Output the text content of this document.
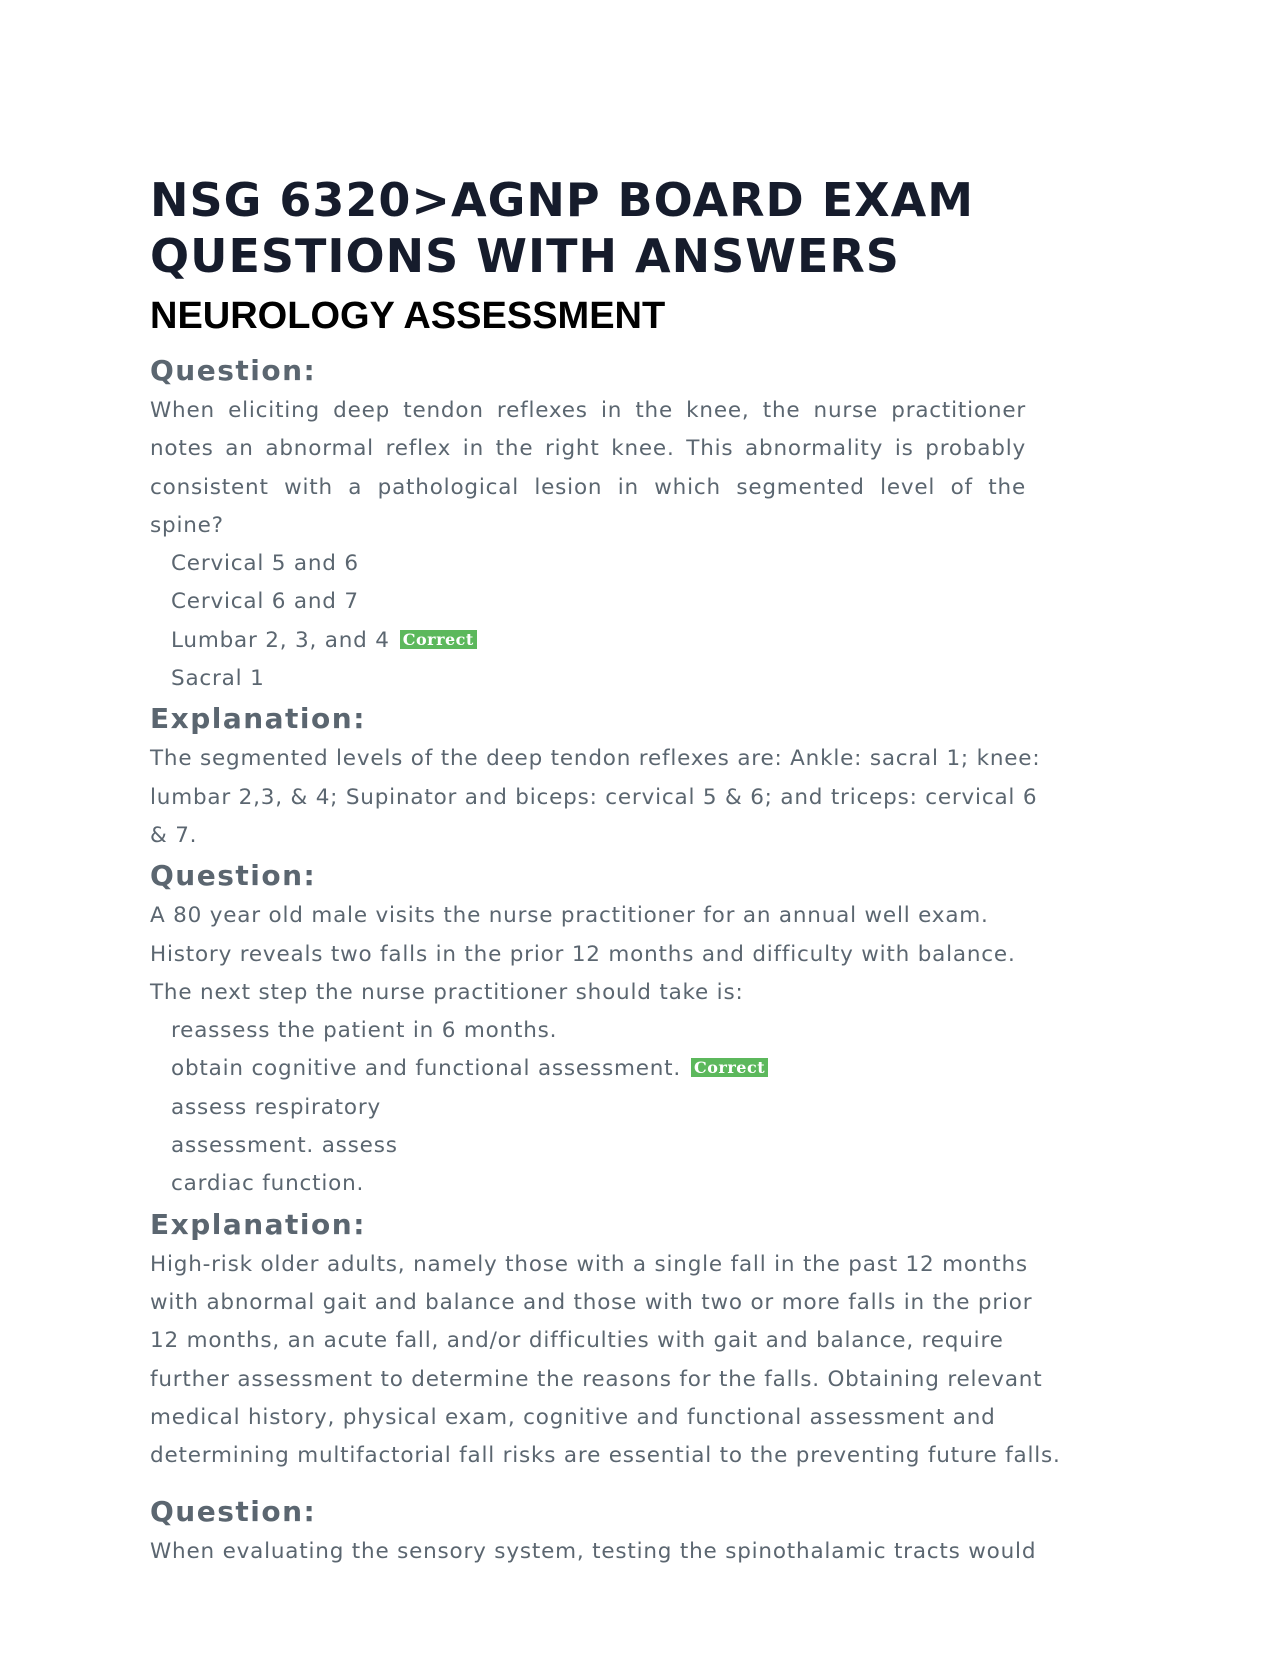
NSG 6320>AGNP BOARD EXAM QUESTIONS WITH ANSWERS NEUROLOGY ASSESSMENT
Question:

When eliciting deep tendon reflexes in the knee, the nurse practitioner notes an abnormal reflex in the right knee. This abnormality is probably consistent with a pathological lesion in which segmented level of the spine?

Cervical 5 and 6
Cervical 6 and 7
Lumbar 2, 3, and 4 Correct
Sacral 1
Explanation:

The segmented levels of the deep tendon reflexes are: Ankle: sacral 1; knee: lumbar 2,3, & 4; Supinator and biceps: cervical 5 & 6; and triceps: cervical 6 & 7.

Question:

A 80 year old male visits the nurse practitioner for an annual well exam. History reveals two falls in the prior 12 months and difficulty with balance. The next step the nurse practitioner should take is:

reassess the patient in 6 months.
obtain cognitive and functional assessment. Correct
assess respiratory
assessment. assess
cardiac function.
Explanation:

High-risk older adults, namely those with a single fall in the past 12 months with abnormal gait and balance and those with two or more falls in the prior 12 months, an acute fall, and/or difficulties with gait and balance, require further assessment to determine the reasons for the falls. Obtaining relevant medical history, physical exam, cognitive and functional assessment and determining multifactorial fall risks are essential to the preventing future falls.

Question:

When evaluating the sensory system, testing the spinothalamic tracts would
